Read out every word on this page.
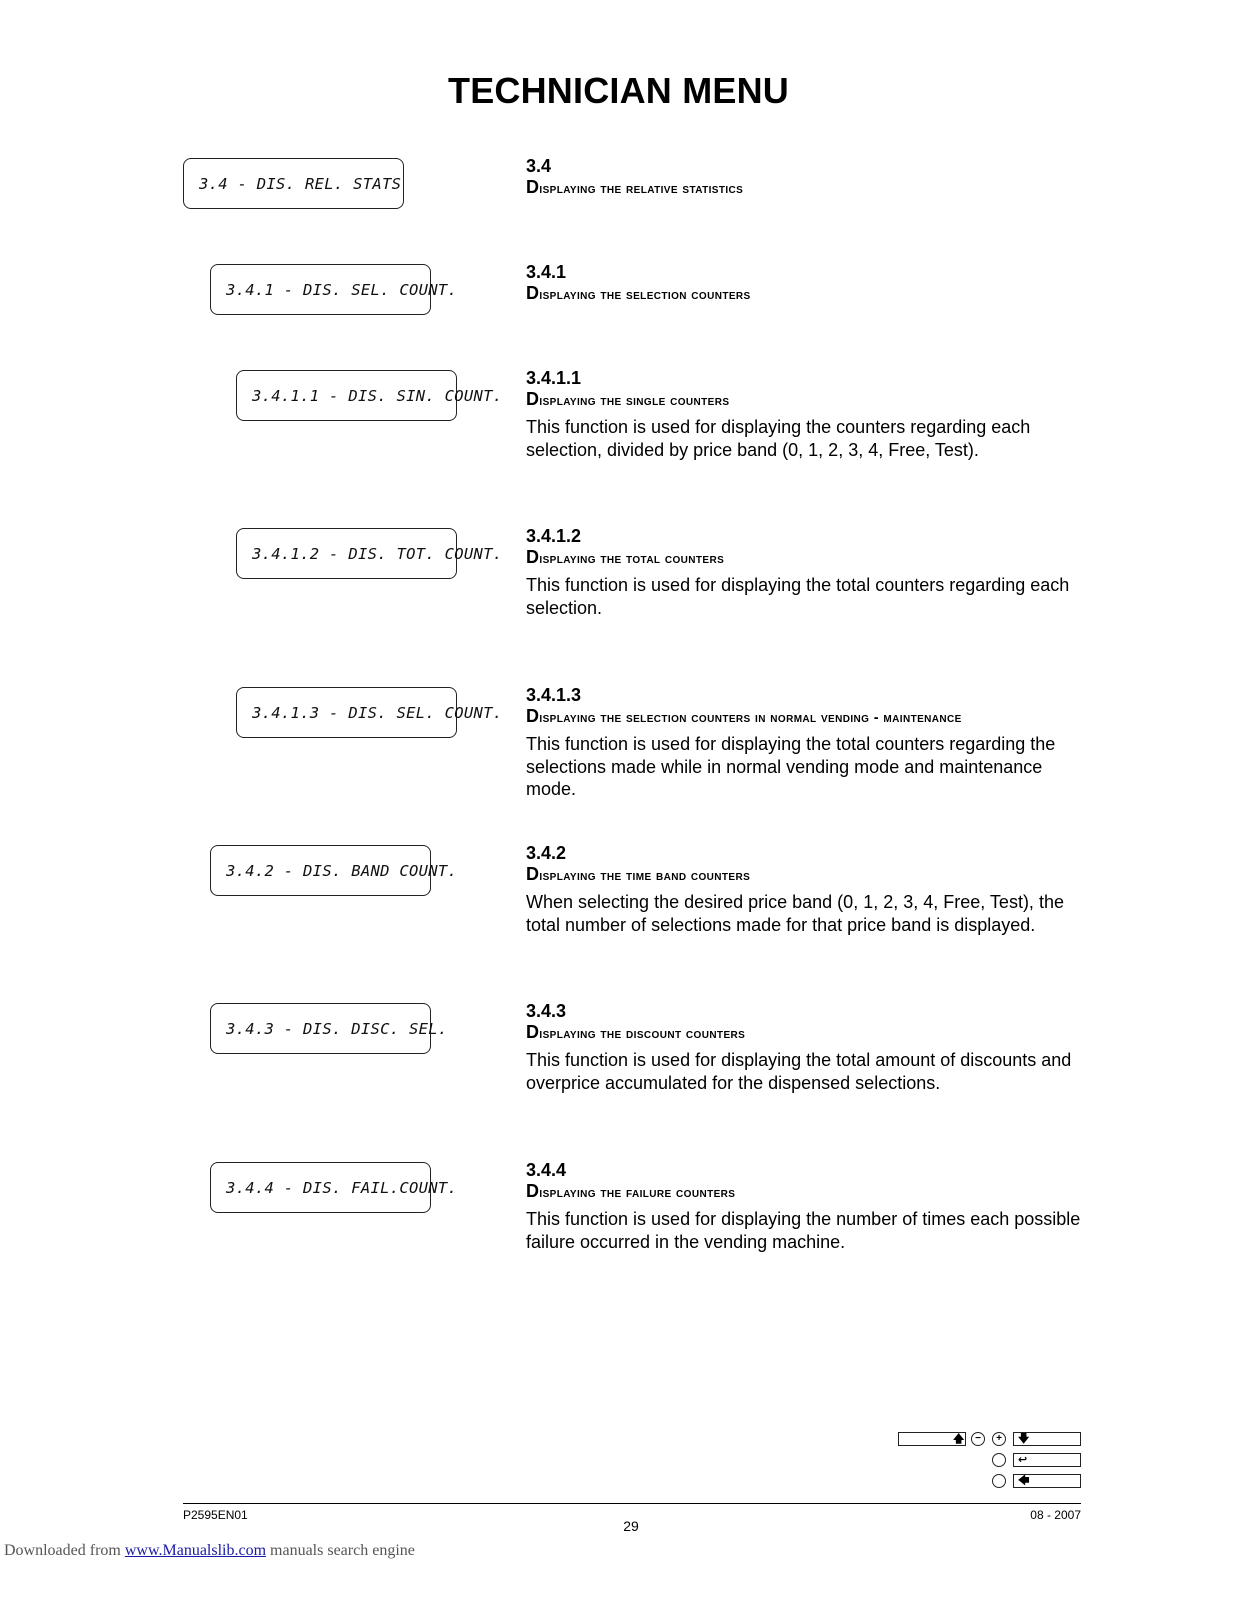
TECHNICIAN MENU
3.4 - DIS. REL. STATS
3.4
Displaying the relative statistics
3.4.1 - DIS. SEL. COUNT.
3.4.1
Displaying the selection counters
3.4.1.1 - DIS. SIN. COUNT.
3.4.1.1
Displaying the single counters
This function is used for displaying the counters regarding each selection, divided by price band (0, 1, 2, 3, 4, Free, Test).
3.4.1.2 - DIS. TOT. COUNT.
3.4.1.2
Displaying the total counters
This function is used for displaying the total counters regarding each selection.
3.4.1.3 - DIS. SEL. COUNT.
3.4.1.3
Displaying the selection counters in normal vending - maintenance
This function is used for displaying the total counters regarding the selections made while in normal vending mode and maintenance mode.
3.4.2 - DIS. BAND COUNT.
3.4.2
Displaying the time band counters
When selecting the desired price band (0, 1, 2, 3, 4, Free, Test), the total number of selections made for that price band is displayed.
3.4.3 - DIS. DISC. SEL.
3.4.3
Displaying the discount counters
This function is used for displaying the total amount of discounts and overprice accumulated for the dispensed selections.
3.4.4 - DIS. FAIL.COUNT.
3.4.4
Displaying the failure counters
This function is used for displaying the number of times each possible failure occurred in the vending machine.
🡅	−	+	🡇
↩
🡄
P2595EN01	08 - 2007
29
Downloaded from www.Manualslib.com manuals search engine
